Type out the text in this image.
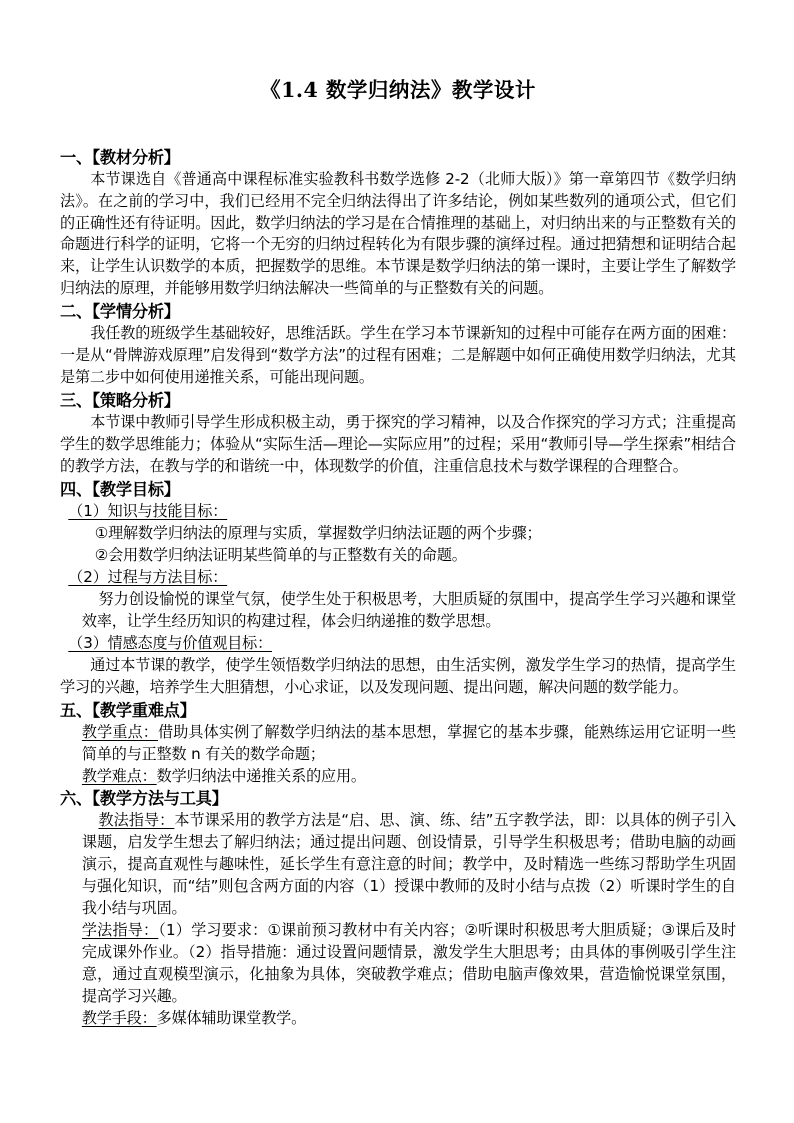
《1.4 数学归纳法》教学设计
一、【教材分析】

本节课选自《普通高中课程标准实验教科书数学选修 2-2（北师大版）》第一章第四节《数学归纳法》。在之前的学习中，我们已经用不完全归纳法得出了许多结论，例如某些数列的通项公式，但它们的正确性还有待证明。因此，数学归纳法的学习是在合情推理的基础上，对归纳出来的与正整数有关的命题进行科学的证明，它将一个无穷的归纳过程转化为有限步骤的演绎过程。通过把猜想和证明结合起来，让学生认识数学的本质，把握数学的思维。本节课是数学归纳法的第一课时，主要让学生了解数学归纳法的原理，并能够用数学归纳法解决一些简单的与正整数有关的问题。

二、【学情分析】

我任教的班级学生基础较好，思维活跃。学生在学习本节课新知的过程中可能存在两方面的困难：一是从“骨牌游戏原理”启发得到“数学方法”的过程有困难；二是解题中如何正确使用数学归纳法，尤其是第二步中如何使用递推关系，可能出现问题。

三、【策略分析】

本节课中教师引导学生形成积极主动，勇于探究的学习精神，以及合作探究的学习方式；注重提高学生的数学思维能力；体验从“实际生活—理论—实际应用”的过程；采用“教师引导—学生探索”相结合的教学方法，在教与学的和谐统一中，体现数学的价值，注重信息技术与数学课程的合理整合。

四、【教学目标】
（1）知识与技能目标：

①理解数学归纳法的原理与实质，掌握数学归纳法证题的两个步骤；

②会用数学归纳法证明某些简单的与正整数有关的命题。

（2）过程与方法目标：

努力创设愉悦的课堂气氛，使学生处于积极思考，大胆质疑的氛围中，提高学生学习兴趣和课堂效率，让学生经历知识的构建过程，体会归纳递推的数学思想。

（3）情感态度与价值观目标：

通过本节课的教学，使学生领悟数学归纳法的思想，由生活实例，激发学生学习的热情，提高学生学习的兴趣，培养学生大胆猜想，小心求证，以及发现问题、提出问题，解决问题的数学能力。

五、【教学重难点】

教学重点：借助具体实例了解数学归纳法的基本思想，掌握它的基本步骤，能熟练运用它证明一些简单的与正整数 n 有关的数学命题；

教学难点：数学归纳法中递推关系的应用。

六、【教学方法与工具】

教法指导：本节课采用的教学方法是“启、思、演、练、结”五字教学法，即：以具体的例子引入课题，启发学生想去了解归纳法；通过提出问题、创设情景，引导学生积极思考；借助电脑的动画演示，提高直观性与趣味性，延长学生有意注意的时间；教学中，及时精选一些练习帮助学生巩固与强化知识，而“结”则包含两方面的内容（1）授课中教师的及时小结与点拨（2）听课时学生的自我小结与巩固。

学法指导：（1）学习要求：①课前预习教材中有关内容；②听课时积极思考大胆质疑；③课后及时完成课外作业。（2）指导措施：通过设置问题情景，激发学生大胆思考；由具体的事例吸引学生注意，通过直观模型演示，化抽象为具体，突破教学难点；借助电脑声像效果，营造愉悦课堂氛围，提高学习兴趣。

教学手段：多媒体辅助课堂教学。
